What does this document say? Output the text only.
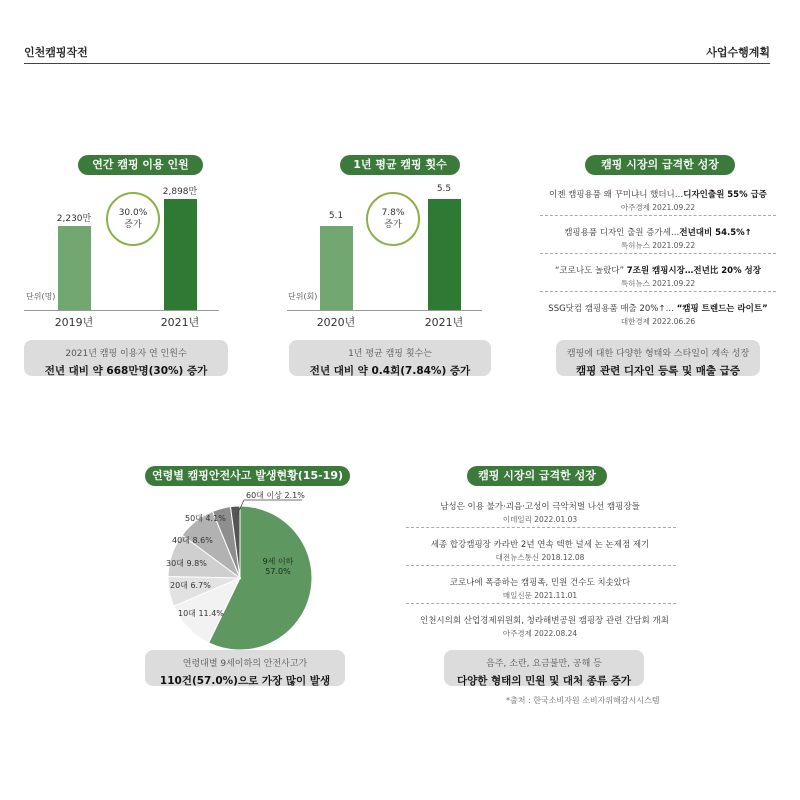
인천캠핑작전	사업수행계획
연간 캠핑 이용 인원
단위(명)
2,230만
2,898만
2019년	2021년
30.0%
증가
2021년 캠핑 이용자 연 인원수
전년 대비 약 668만명(30%) 증가
1년 평균 캠핑 횟수
단위(회)
5.1
5.5
2020년	2021년
7.8%
증가
1년 평균 캠핑 횟수는
전년 대비 약 0.4회(7.84%) 증가
캠핑 시장의 급격한 성장
이젠 캠핑용품 왜 꾸미냐니 했더니…디자인출원 55% 급증
아주경제 2021.09.22
캠핑용품 디자인 출원 증가세…전년대비 54.5%↑
특허뉴스 2021.09.22
“코로나도 놀랐다” 7조원 캠핑시장…전년比 20% 성장
특허뉴스 2021.09.22
SSG닷컴 캠핑용품 매출 20%↑… “캠핑 트렌드는 라이트”
대한경제 2022.06.26
캠핑에 대한 다양한 형태와 스타일이 계속 성장
캠핑 관련 디자인 등록 및 매출 급증
연령별 캠핑안전사고 발생현황(15-19)
9세 이하
57.0%
10대 11.4%
20대 6.7%
30대 9.8%
40대 8.6%
50대 4.1%
60대 이상 2.1%
연령대별 9세이하의 안전사고가
110건(57.0%)으로 가장 많이 발생
캠핑 시장의 급격한 성장
남성은 이용 불가·괴음·고성이 극악처벌 나선 캠핑장들
이데일리 2022.01.03
세종 합강캠핑장 카라반 2년 연속 텍한 널세 논 논제점 제기
대전뉴스통신 2018.12.08
코로나에 폭증하는 캠핑족, 민원 건수도 치솟았다
매일신문 2021.11.01
인천시의회 산업경제위원회, 청라해변공원 캠핑장 관련 간담회 개최
아주경제 2022.08.24
음주, 소란, 요금불만, 공해 등
다양한 형태의 민원 및 대처 종류 증가
*출처 : 한국소비자원 소비자위해감시시스템
